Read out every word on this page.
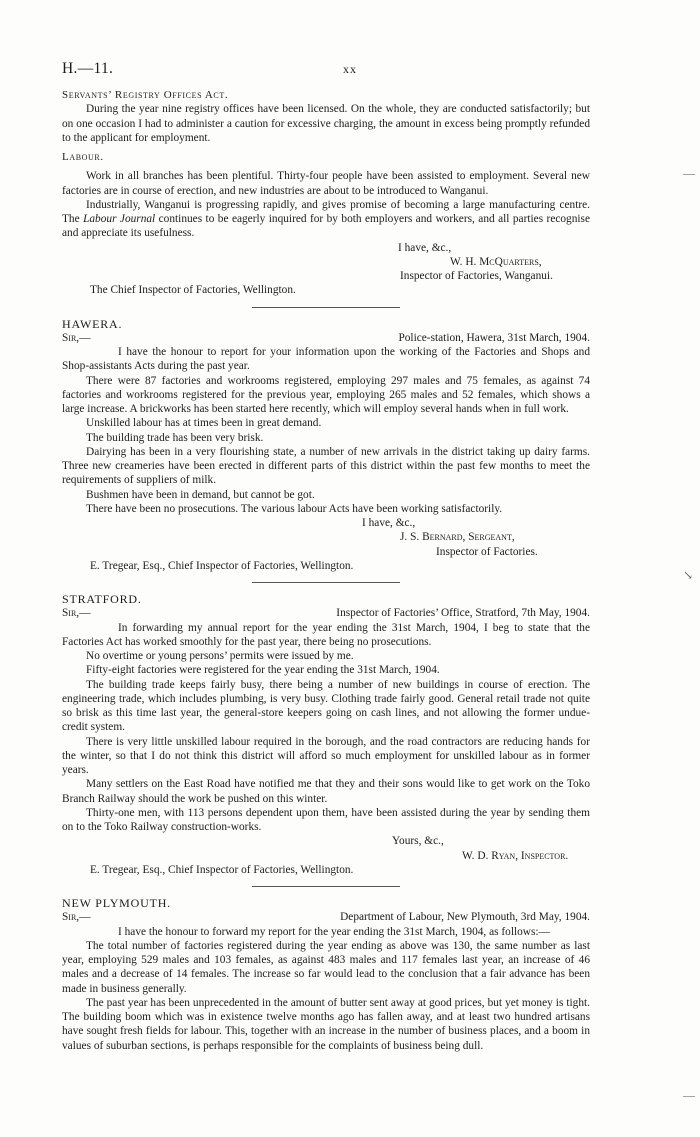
H.—11.	xx

Servants’ Registry Offices Act.

During the year nine registry offices have been licensed. On the whole, they are conducted satisfactorily; but on one occasion I had to administer a caution for excessive charging, the amount in excess being promptly refunded to the applicant for employment.

Labour.

Work in all branches has been plentiful. Thirty-four people have been assisted to employment. Several new factories are in course of erection, and new industries are about to be introduced to Wanganui.

Industrially, Wanganui is progressing rapidly, and gives promise of becoming a large manufacturing centre. The Labour Journal continues to be eagerly inquired for by both employers and workers, and all parties recognise and appreciate its usefulness.

I have, &c.,

W. H. McQuarters,

Inspector of Factories, Wanganui.

The Chief Inspector of Factories, Wellington.

HAWERA.

Sir,—	Police-station, Hawera, 31st March, 1904.

I have the honour to report for your information upon the working of the Factories and Shops and Shop-assistants Acts during the past year.

There were 87 factories and workrooms registered, employing 297 males and 75 females, as against 74 factories and workrooms registered for the previous year, employing 265 males and 52 females, which shows a large increase. A brickworks has been started here recently, which will employ several hands when in full work.

Unskilled labour has at times been in great demand.

The building trade has been very brisk.

Dairying has been in a very flourishing state, a number of new arrivals in the district taking up dairy farms. Three new creameries have been erected in different parts of this district within the past few months to meet the requirements of suppliers of milk.

Bushmen have been in demand, but cannot be got.

There have been no prosecutions. The various labour Acts have been working satisfactorily.

I have, &c.,

J. S. Bernard, Sergeant,

Inspector of Factories.

E. Tregear, Esq., Chief Inspector of Factories, Wellington.

STRATFORD.

Sir,—	Inspector of Factories’ Office, Stratford, 7th May, 1904.

In forwarding my annual report for the year ending the 31st March, 1904, I beg to state that the Factories Act has worked smoothly for the past year, there being no prosecutions.

No overtime or young persons’ permits were issued by me.

Fifty-eight factories were registered for the year ending the 31st March, 1904.

The building trade keeps fairly busy, there being a number of new buildings in course of erection. The engineering trade, which includes plumbing, is very busy. Clothing trade fairly good. General retail trade not quite so brisk as this time last year, the general-store keepers going on cash lines, and not allowing the former undue-credit system.

There is very little unskilled labour required in the borough, and the road contractors are reducing hands for the winter, so that I do not think this district will afford so much employment for unskilled labour as in former years.

Many settlers on the East Road have notified me that they and their sons would like to get work on the Toko Branch Railway should the work be pushed on this winter.

Thirty-one men, with 113 persons dependent upon them, have been assisted during the year by sending them on to the Toko Railway construction-works.

Yours, &c.,

W. D. Ryan, Inspector.

E. Tregear, Esq., Chief Inspector of Factories, Wellington.

NEW PLYMOUTH.

Sir,—	Department of Labour, New Plymouth, 3rd May, 1904.

I have the honour to forward my report for the year ending the 31st March, 1904, as follows:—

The total number of factories registered during the year ending as above was 130, the same number as last year, employing 529 males and 103 females, as against 483 males and 117 females last year, an increase of 46 males and a decrease of 14 females. The increase so far would lead to the conclusion that a fair advance has been made in business generally.

The past year has been unprecedented in the amount of butter sent away at good prices, but yet money is tight. The building boom which was in existence twelve months ago has fallen away, and at least two hundred artisans have sought fresh fields for labour. This, together with an increase in the number of business places, and a boom in values of suburban sections, is perhaps responsible for the complaints of business being dull.

—
↘
—
